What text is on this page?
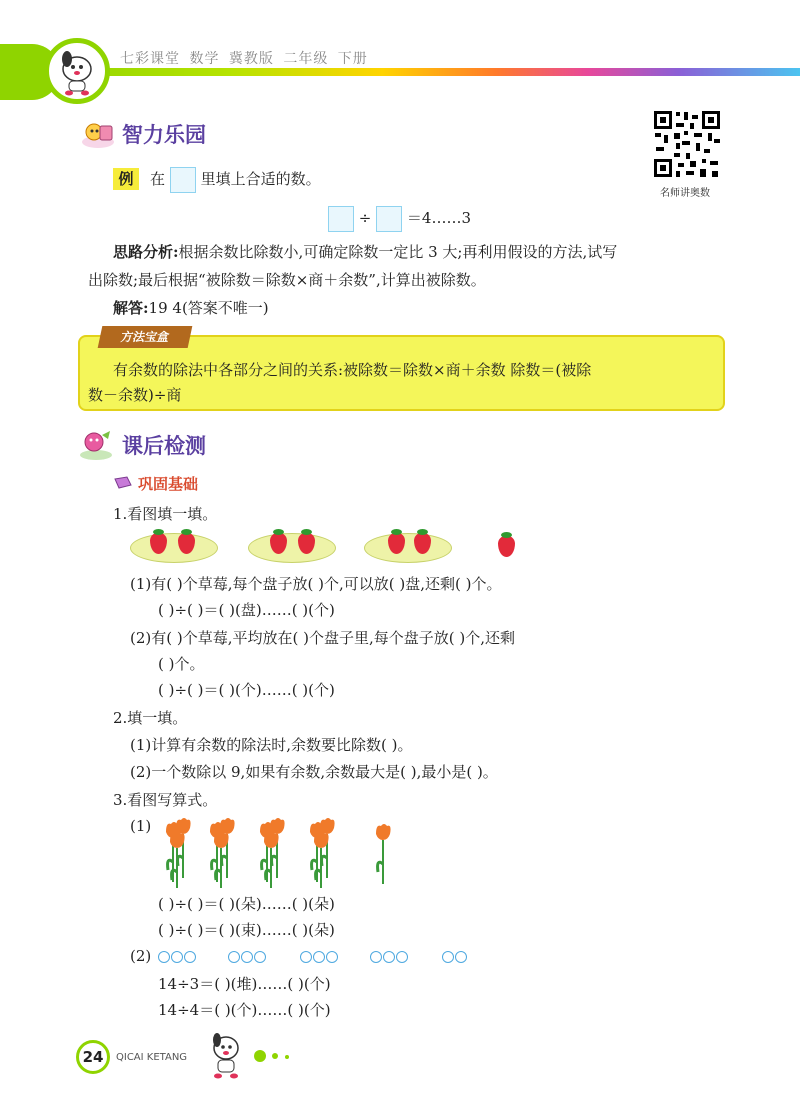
七彩课堂 数学 冀教版 二年级 下册
智力乐园
名师讲奥数
例	在 里填上合适的数。
÷ ＝4……3
思路分析:根据余数比除数小,可确定除数一定比 3 大;再利用假设的方法,试写
出除数;最后根据“被除数＝除数×商＋余数”,计算出被除数。
解答:19 4(答案不唯一)
方法宝盒
有余数的除法中各部分之间的关系:被除数＝除数×商＋余数 除数＝(被除
数－余数)÷商
课后检测
巩固基础
1.看图填一填。
(1)有( )个草莓,每个盘子放( )个,可以放( )盘,还剩( )个。
( )÷( )＝( )(盘)……( )(个)
(2)有( )个草莓,平均放在( )个盘子里,每个盘子放( )个,还剩
( )个。
( )÷( )＝( )(个)……( )(个)
2.填一填。
(1)计算有余数的除法时,余数要比除数( )。
(2)一个数除以 9,如果有余数,余数最大是( ),最小是( )。
3.看图写算式。
(1)
( )÷( )＝( )(朵)……( )(朵)
( )÷( )＝( )(束)……( )(朵)
(2)
14÷3＝( )(堆)……( )(个)
14÷4＝( )(个)……( )(个)
24	QICAI KETANG
